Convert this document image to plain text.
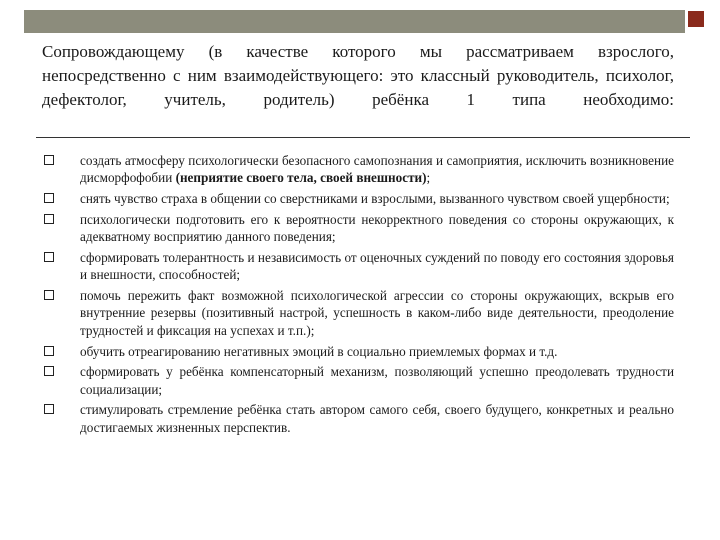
Сопровождающему (в качестве которого мы рассматриваем взрослого, непосредственно с ним взаимодействующего: это классный руководитель, психолог, дефектолог, учитель, родитель) ребёнка 1 типа необходимо:

создать атмосферу психологически безопасного самопознания и самоприятия, исключить возникновение дисморфофобии (неприятие своего тела, своей внешности);
снять чувство страха в общении со сверстниками и взрослыми, вызванного чувством своей ущербности;
психологически подготовить его к вероятности некорректного поведения со стороны окружающих, к адекватному восприятию данного поведения;
сформировать толерантность и независимость от оценочных суждений по поводу его состояния здоровья и внешности, способностей;
помочь пережить факт возможной психологической агрессии со стороны окружающих, вскрыв его внутренние резервы (позитивный настрой, успешность в каком-либо виде деятельности, преодоление трудностей и фиксация на успехах и т.п.);
обучить отреагированию негативных эмоций в социально приемлемых формах и т.д.
сформировать у ребёнка компенсаторный механизм, позволяющий успешно преодолевать трудности социализации;
стимулировать стремление ребёнка стать автором самого себя, своего будущего, конкретных и реально достигаемых жизненных перспектив.
